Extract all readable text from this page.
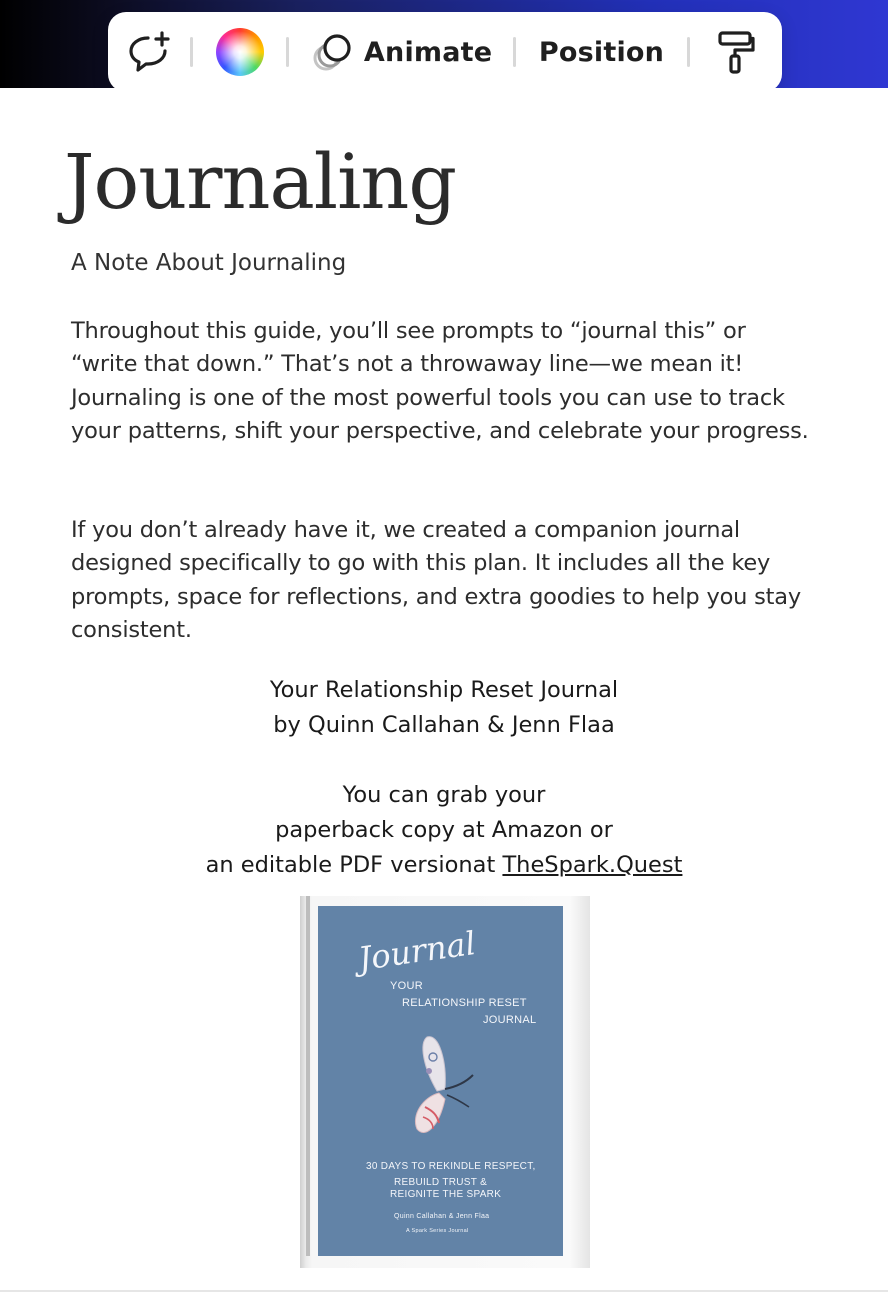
Animate Position
Journaling
A Note About Journaling

Throughout this guide, you’ll see prompts to “journal this” or “write that down.” That’s not a throwaway line—we mean it! Journaling is one of the most powerful tools you can use to track your patterns, shift your perspective, and celebrate your progress.

If you don’t already have it, we created a companion journal designed specifically to go with this plan. It includes all the key prompts, space for reflections, and extra goodies to help you stay consistent.

Your Relationship Reset Journal
by Quinn Callahan & Jenn Flaa
You can grab your
paperback copy at Amazon or
an editable PDF versionat TheSpark.Quest
Journal
YOUR
RELATIONSHIP RESET
JOURNAL
30 DAYS TO REKINDLE RESPECT,
REBUILD TRUST &
REIGNITE THE SPARK
Quinn Callahan & Jenn Flaa
A Spark Series Journal
